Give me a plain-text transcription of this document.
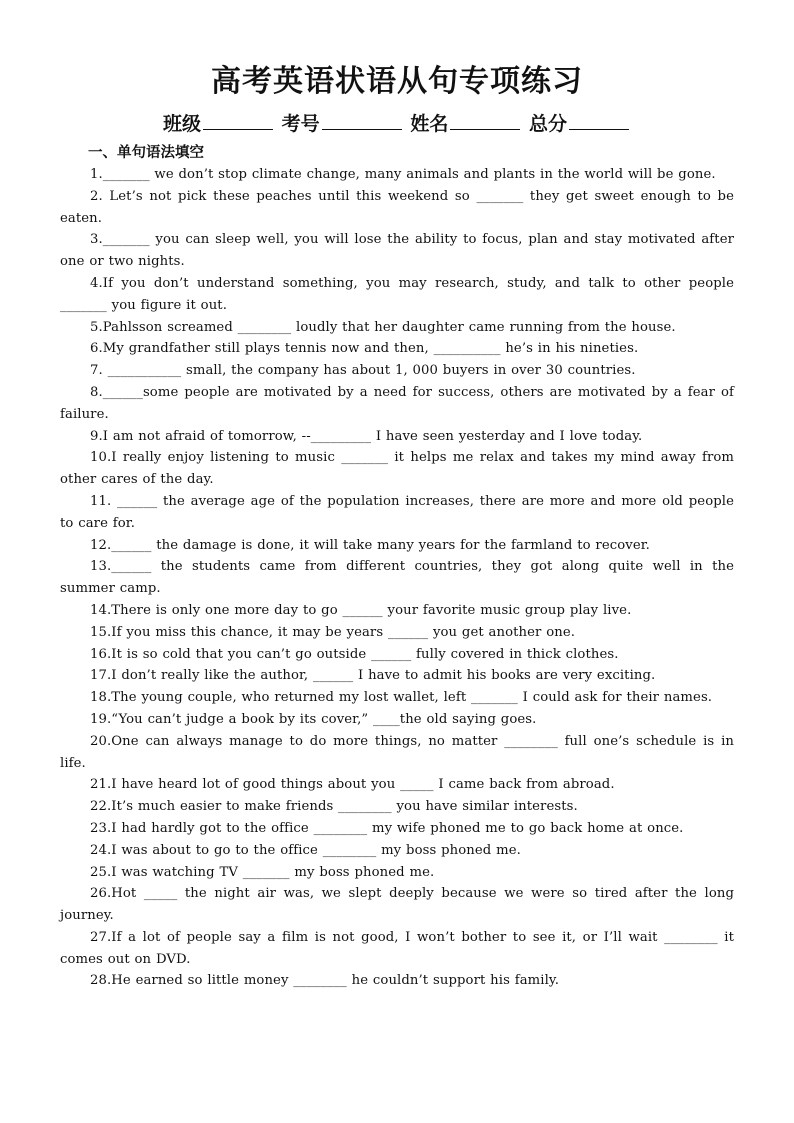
高考英语状语从句专项练习
班级	考号	姓名	总分
一、单句语法填空

1._______ we don’t stop climate change, many animals and plants in the world will be gone.

2. Let’s not pick these peaches until this weekend so _______ they get sweet enough to be eaten.

3._______ you can sleep well, you will lose the ability to focus, plan and stay motivated after one or two nights.

4.If you don’t understand something, you may research, study, and talk to other people _______ you figure it out.

5.Pahlsson screamed ________ loudly that her daughter came running from the house.

6.My grandfather still plays tennis now and then, __________ he’s in his nineties.

7. ___________ small, the company has about 1, 000 buyers in over 30 countries.

8.______some people are motivated by a need for success, others are motivated by a fear of failure.

9.I am not afraid of tomorrow, --_________ I have seen yesterday and I love today.

10.I really enjoy listening to music _______ it helps me relax and takes my mind away from other cares of the day.

11. ______ the average age of the population increases, there are more and more old people to care for.

12.______ the damage is done, it will take many years for the farmland to recover.

13.______ the students came from different countries, they got along quite well in the summer camp.

14.There is only one more day to go ______ your favorite music group play live.

15.If you miss this chance, it may be years ______ you get another one.

16.It is so cold that you can’t go outside ______ fully covered in thick clothes.

17.I don’t really like the author, ______ I have to admit his books are very exciting.

18.The young couple, who returned my lost wallet, left _______ I could ask for their names.

19.“You can’t judge a book by its cover,” ____the old saying goes.

20.One can always manage to do more things, no matter ________ full one’s schedule is in life.

21.I have heard lot of good things about you _____ I came back from abroad.

22.It’s much easier to make friends ________ you have similar interests.

23.I had hardly got to the office ________ my wife phoned me to go back home at once.

24.I was about to go to the office ________ my boss phoned me.

25.I was watching TV _______ my boss phoned me.

26.Hot _____ the night air was, we slept deeply because we were so tired after the long journey.

27.If a lot of people say a film is not good, I won’t bother to see it, or I’ll wait ________ it comes out on DVD.

28.He earned so little money ________ he couldn’t support his family.
